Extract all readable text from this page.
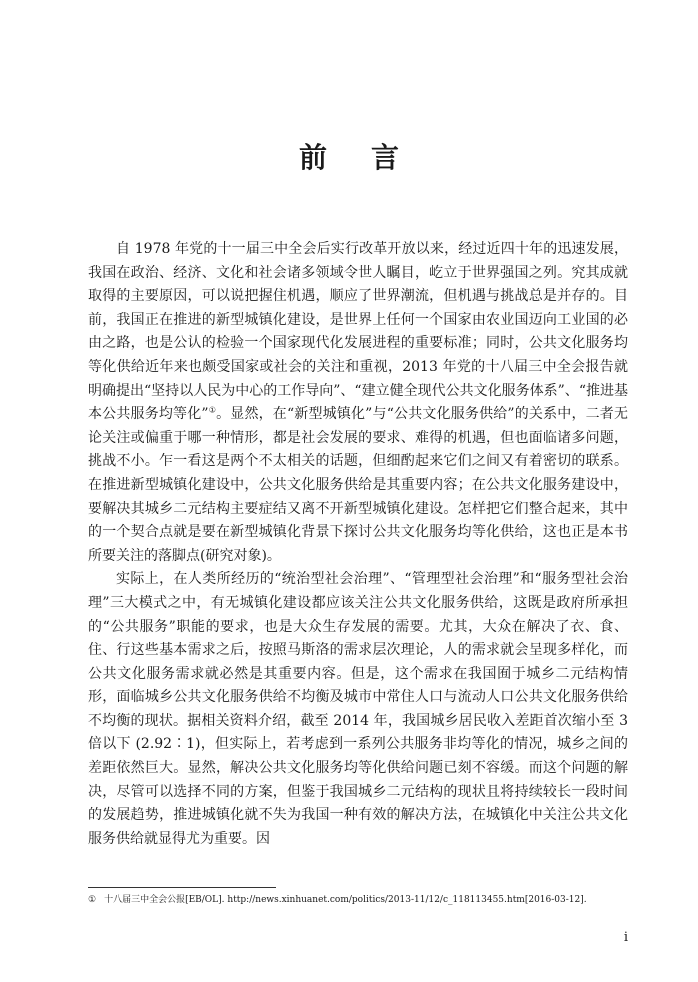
前言

自 1978 年党的十一届三中全会后实行改革开放以来，经过近四十年的迅速发展，我国在政治、经济、文化和社会诸多领域令世人瞩目，屹立于世界强国之列。究其成就取得的主要原因，可以说把握住机遇，顺应了世界潮流，但机遇与挑战总是并存的。目前，我国正在推进的新型城镇化建设，是世界上任何一个国家由农业国迈向工业国的必由之路，也是公认的检验一个国家现代化发展进程的重要标准；同时，公共文化服务均等化供给近年来也颇受国家或社会的关注和重视，2013 年党的十八届三中全会报告就明确提出“坚持以人民为中心的工作导向”、“建立健全现代公共文化服务体系”、“推进基本公共服务均等化”①。显然，在“新型城镇化”与“公共文化服务供给”的关系中，二者无论关注或偏重于哪一种情形，都是社会发展的要求、难得的机遇，但也面临诸多问题，挑战不小。乍一看这是两个不太相关的话题，但细酌起来它们之间又有着密切的联系。在推进新型城镇化建设中，公共文化服务供给是其重要内容；在公共文化服务建设中，要解决其城乡二元结构主要症结又离不开新型城镇化建设。怎样把它们整合起来，其中的一个契合点就是要在新型城镇化背景下探讨公共文化服务均等化供给，这也正是本书所要关注的落脚点(研究对象)。

实际上，在人类所经历的“统治型社会治理”、“管理型社会治理”和“服务型社会治理”三大模式之中，有无城镇化建设都应该关注公共文化服务供给，这既是政府所承担的“公共服务”职能的要求，也是大众生存发展的需要。尤其，大众在解决了衣、食、住、行这些基本需求之后，按照马斯洛的需求层次理论，人的需求就会呈现多样化，而公共文化服务需求就必然是其重要内容。但是，这个需求在我国囿于城乡二元结构情形，面临城乡公共文化服务供给不均衡及城市中常住人口与流动人口公共文化服务供给不均衡的现状。据相关资料介绍，截至 2014 年，我国城乡居民收入差距首次缩小至 3 倍以下 (2.92∶1)，但实际上，若考虑到一系列公共服务非均等化的情况，城乡之间的差距依然巨大。显然，解决公共文化服务均等化供给问题已刻不容缓。而这个问题的解决，尽管可以选择不同的方案，但鉴于我国城乡二元结构的现状且将持续较长一段时间的发展趋势，推进城镇化就不失为我国一种有效的解决方法，在城镇化中关注公共文化服务供给就显得尤为重要。因

① 十八届三中全会公报[EB/OL]. http://news.xinhuanet.com/politics/2013-11/12/c_118113455.htm[2016-03-12].
i
